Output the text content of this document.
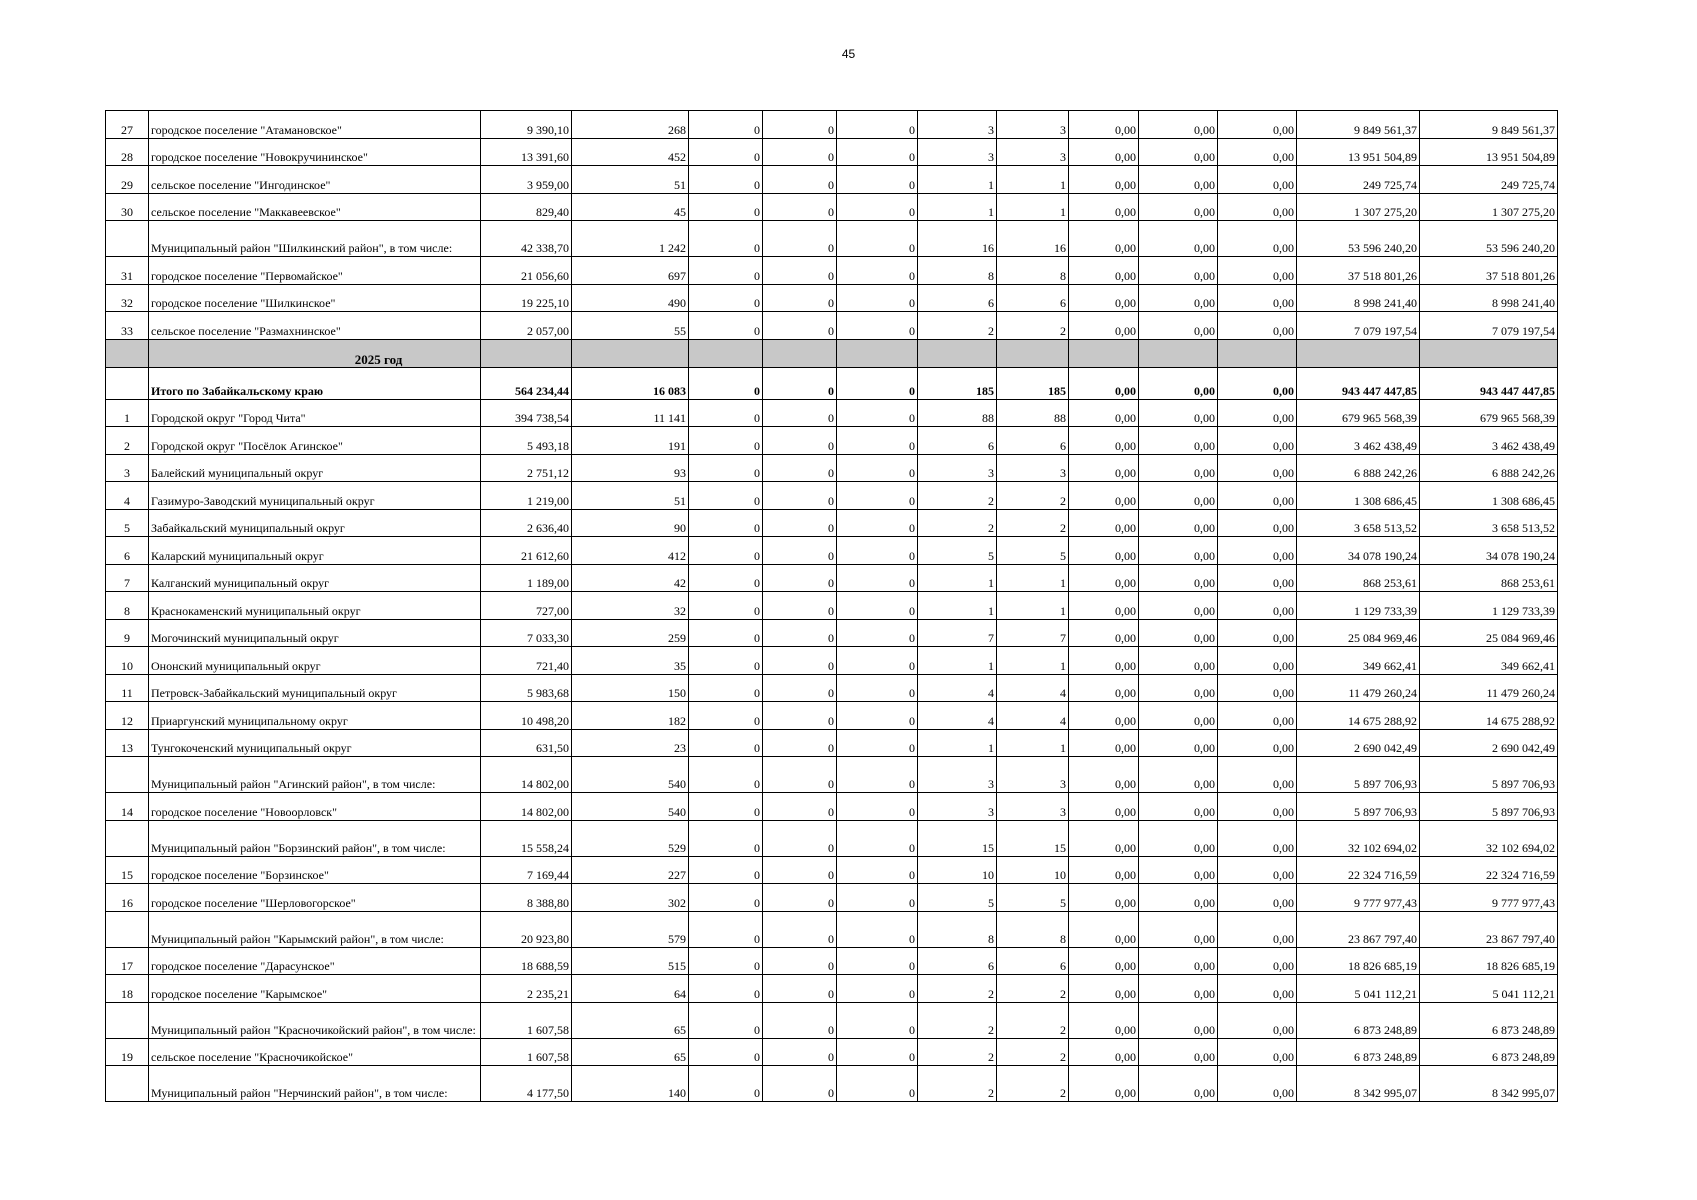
45
27	городское поселение "Атамановское"	9 390,10	268	0	0	0	3	3	0,00	0,00	0,00	9 849 561,37	9 849 561,37
28	городское поселение "Новокручининское"	13 391,60	452	0	0	0	3	3	0,00	0,00	0,00	13 951 504,89	13 951 504,89
29	сельское поселение "Ингодинское"	3 959,00	51	0	0	0	1	1	0,00	0,00	0,00	249 725,74	249 725,74
30	сельское поселение "Маккавеевское"	829,40	45	0	0	0	1	1	0,00	0,00	0,00	1 307 275,20	1 307 275,20
	Муниципальный район "Шилкинский район", в том числе:	42 338,70	1 242	0	0	0	16	16	0,00	0,00	0,00	53 596 240,20	53 596 240,20
31	городское поселение "Первомайское"	21 056,60	697	0	0	0	8	8	0,00	0,00	0,00	37 518 801,26	37 518 801,26
32	городское поселение "Шилкинское"	19 225,10	490	0	0	0	6	6	0,00	0,00	0,00	8 998 241,40	8 998 241,40
33	сельское поселение "Размахнинское"	2 057,00	55	0	0	0	2	2	0,00	0,00	0,00	7 079 197,54	7 079 197,54
	2025 год												
	Итого по Забайкальскому краю	564 234,44	16 083	0	0	0	185	185	0,00	0,00	0,00	943 447 447,85	943 447 447,85
1	Городской округ "Город Чита"	394 738,54	11 141	0	0	0	88	88	0,00	0,00	0,00	679 965 568,39	679 965 568,39
2	Городской округ "Посёлок Агинское"	5 493,18	191	0	0	0	6	6	0,00	0,00	0,00	3 462 438,49	3 462 438,49
3	Балейский муниципальный округ	2 751,12	93	0	0	0	3	3	0,00	0,00	0,00	6 888 242,26	6 888 242,26
4	Газимуро-Заводский муниципальный округ	1 219,00	51	0	0	0	2	2	0,00	0,00	0,00	1 308 686,45	1 308 686,45
5	Забайкальский муниципальный округ	2 636,40	90	0	0	0	2	2	0,00	0,00	0,00	3 658 513,52	3 658 513,52
6	Каларский муниципальный округ	21 612,60	412	0	0	0	5	5	0,00	0,00	0,00	34 078 190,24	34 078 190,24
7	Калганский муниципальный округ	1 189,00	42	0	0	0	1	1	0,00	0,00	0,00	868 253,61	868 253,61
8	Краснокаменский муниципальный округ	727,00	32	0	0	0	1	1	0,00	0,00	0,00	1 129 733,39	1 129 733,39
9	Могочинский муниципальный округ	7 033,30	259	0	0	0	7	7	0,00	0,00	0,00	25 084 969,46	25 084 969,46
10	Ононский муниципальный округ	721,40	35	0	0	0	1	1	0,00	0,00	0,00	349 662,41	349 662,41
11	Петровск-Забайкальский муниципальный округ	5 983,68	150	0	0	0	4	4	0,00	0,00	0,00	11 479 260,24	11 479 260,24
12	Приаргунский муниципальному округ	10 498,20	182	0	0	0	4	4	0,00	0,00	0,00	14 675 288,92	14 675 288,92
13	Тунгокоченский муниципальный округ	631,50	23	0	0	0	1	1	0,00	0,00	0,00	2 690 042,49	2 690 042,49
	Муниципальный район "Агинский район", в том числе:	14 802,00	540	0	0	0	3	3	0,00	0,00	0,00	5 897 706,93	5 897 706,93
14	городское поселение "Новоорловск"	14 802,00	540	0	0	0	3	3	0,00	0,00	0,00	5 897 706,93	5 897 706,93
	Муниципальный район "Борзинский район", в том числе:	15 558,24	529	0	0	0	15	15	0,00	0,00	0,00	32 102 694,02	32 102 694,02
15	городское поселение "Борзинское"	7 169,44	227	0	0	0	10	10	0,00	0,00	0,00	22 324 716,59	22 324 716,59
16	городское поселение "Шерловогорское"	8 388,80	302	0	0	0	5	5	0,00	0,00	0,00	9 777 977,43	9 777 977,43
	Муниципальный район "Карымский район", в том числе:	20 923,80	579	0	0	0	8	8	0,00	0,00	0,00	23 867 797,40	23 867 797,40
17	городское поселение "Дарасунское"	18 688,59	515	0	0	0	6	6	0,00	0,00	0,00	18 826 685,19	18 826 685,19
18	городское поселение "Карымское"	2 235,21	64	0	0	0	2	2	0,00	0,00	0,00	5 041 112,21	5 041 112,21
	Муниципальный район "Красночикойский район", в том числе:	1 607,58	65	0	0	0	2	2	0,00	0,00	0,00	6 873 248,89	6 873 248,89
19	сельское поселение "Красночикойское"	1 607,58	65	0	0	0	2	2	0,00	0,00	0,00	6 873 248,89	6 873 248,89
	Муниципальный район "Нерчинский район", в том числе:	4 177,50	140	0	0	0	2	2	0,00	0,00	0,00	8 342 995,07	8 342 995,07
